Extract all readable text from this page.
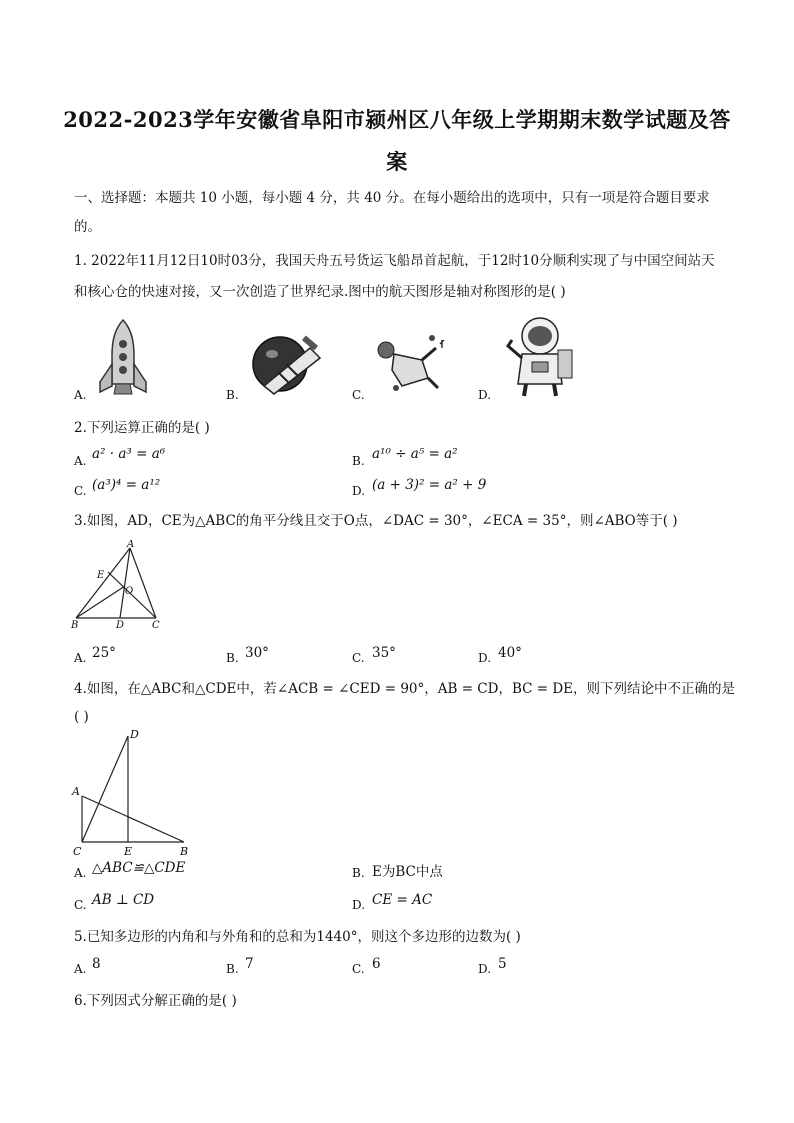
2022-2023学年安徽省阜阳市颍州区八年级上学期期末数学试题及答
案
一、选择题：本题共 10 小题，每小题 4 分，共 40 分。在每小题给出的选项中，只有一项是符合题目要求
的。
1. 2022年11月12日10时03分，我国天舟五号货运飞船昂首起航，于12时10分顺利实现了与中国空间站天
和核心仓的快速对接，又一次创造了世界纪录.图中的航天图形是轴对称图形的是( )
A.	B.	C.	D.
2.下列运算正确的是( )
A. a² · a³ = a⁶	B. a¹⁰ ÷ a⁵ = a²
C. (a³)⁴ = a¹²	D. (a + 3)² = a² + 9
3.如图，AD，CE为△ABC的角平分线且交于O点，∠DAC = 30°，∠ECA = 35°，则∠ABO等于( )
A
E
O
B	D	C
A. 25°	B. 30°	C. 35°	D. 40°
4.如图，在△ABC和△CDE中，若∠ACB = ∠CED = 90°，AB = CD，BC = DE，则下列结论中不正确的是
( )
D
A
C	E	B
A. △ABC≌△CDE	B. E为BC中点
C. AB ⊥ CD	D. CE = AC
5.已知多边形的内角和与外角和的总和为1440°，则这个多边形的边数为( )
A. 8	B. 7	C. 6	D. 5
6.下列因式分解正确的是( )
